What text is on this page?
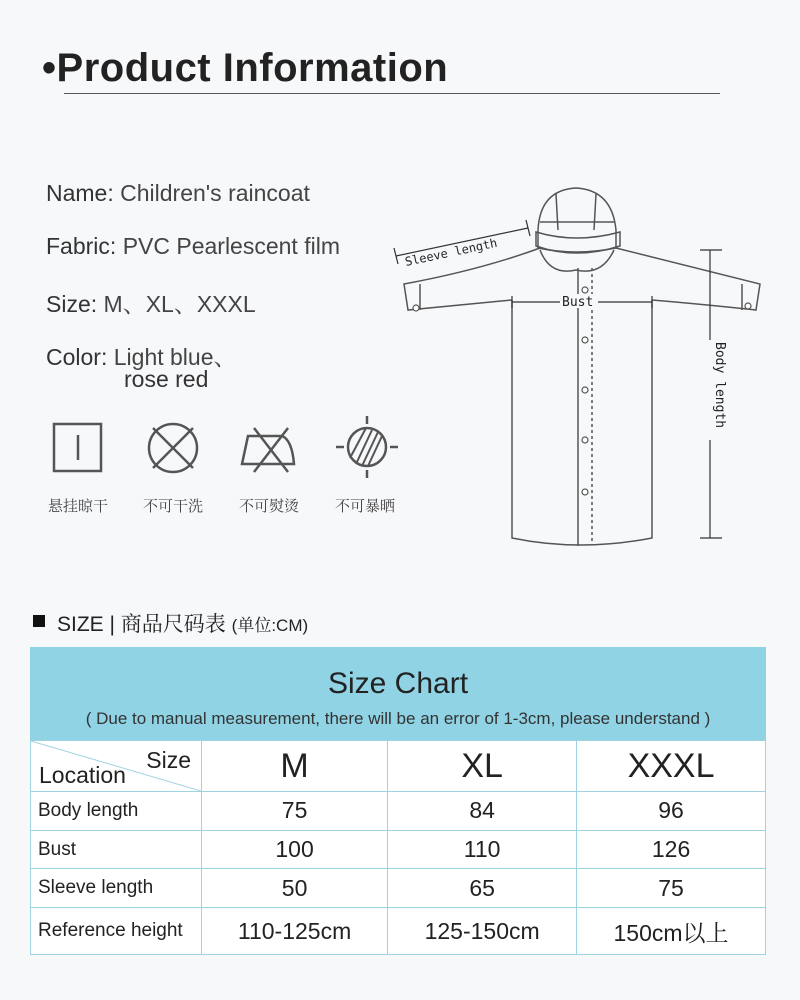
•Product Information
Name: Children's raincoat
Fabric: PVC Pearlescent film
Size: M、XL、XXXL
Color: Light blue、
rose red
悬挂晾干	不可干洗	不可熨烫	不可暴晒
Sleeve length
Bust
Body length
SIZE | 商品尺码表 (单位:CM)
Size Chart
( Due to manual measurement, there will be an error of 1-3cm, please understand )
Size
Location	M	XL	XXXL
Body length	75	84	96
Bust	100	110	126
Sleeve length	50	65	75
Reference height	110-125cm	125-150cm	150cm以上
